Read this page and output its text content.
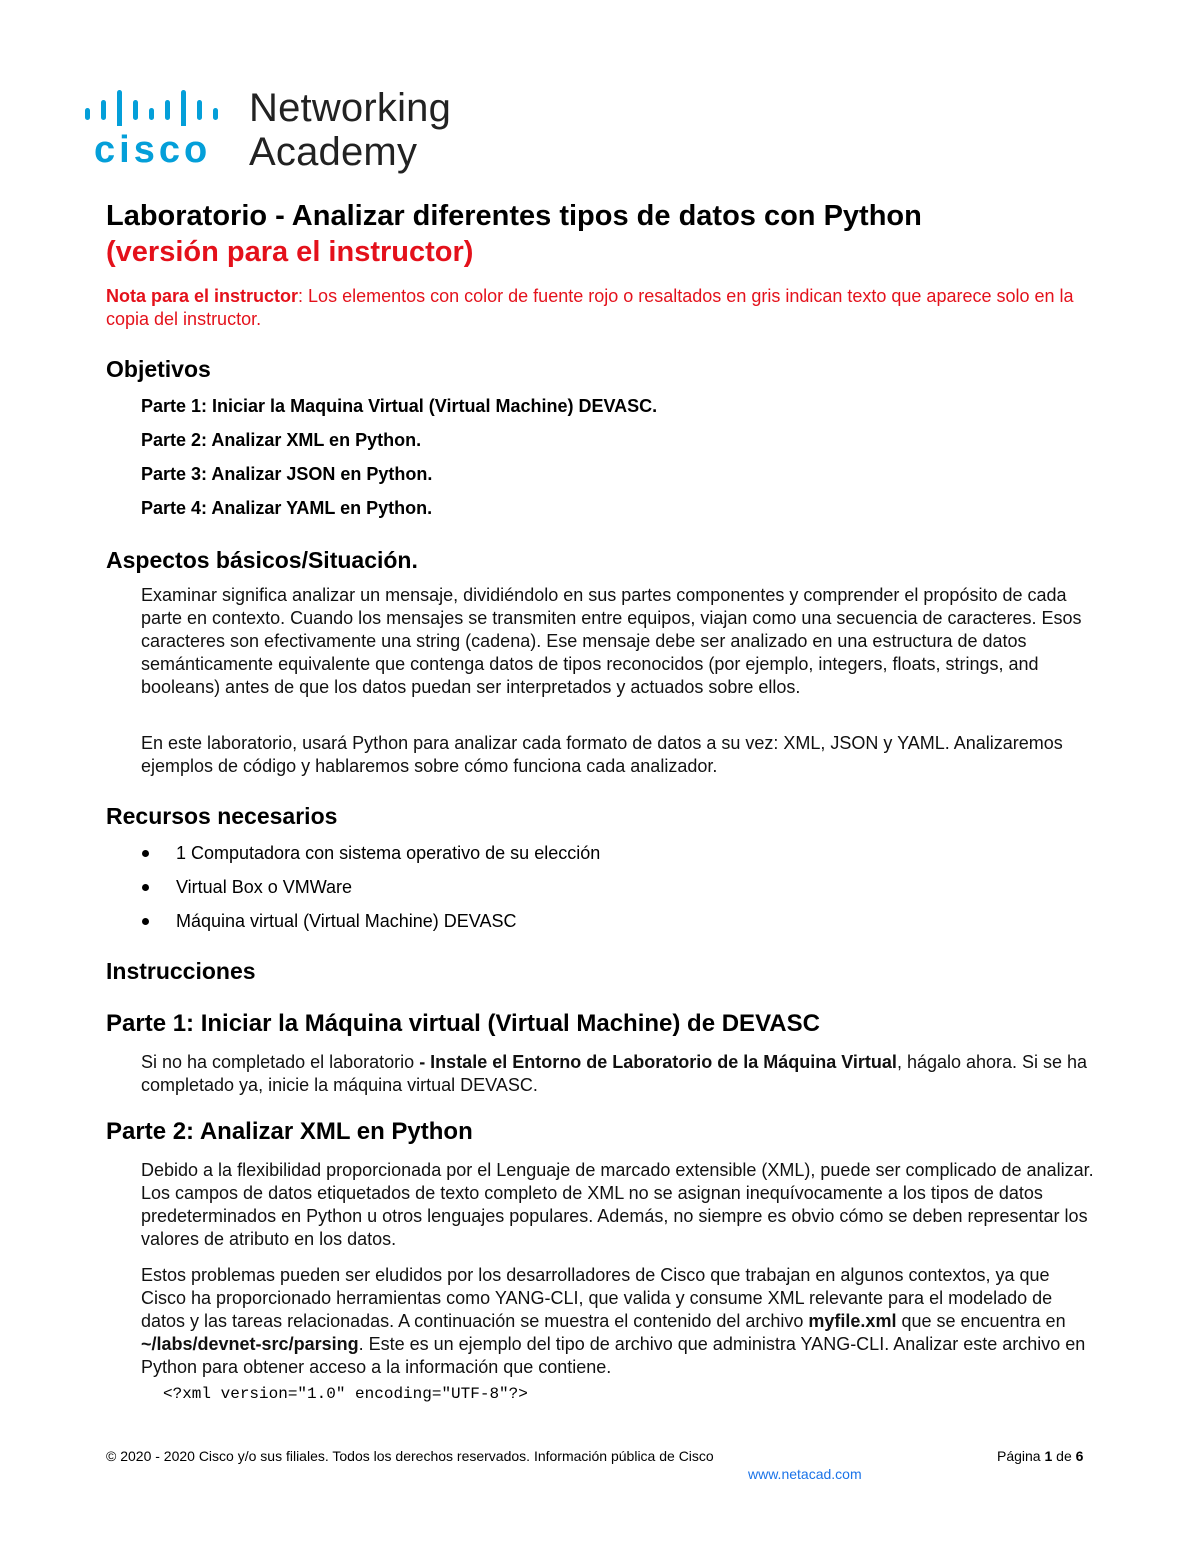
cisco
Networking
Academy
Laboratorio - Analizar diferentes tipos de datos con Python
(versión para el instructor)
Nota para el instructor: Los elementos con color de fuente rojo o resaltados en gris indican texto que aparece solo en la copia del instructor.
Objetivos
Parte 1: Iniciar la Maquina Virtual (Virtual Machine) DEVASC.
Parte 2: Analizar XML en Python.
Parte 3: Analizar JSON en Python.
Parte 4: Analizar YAML en Python.
Aspectos básicos/Situación.
Examinar significa analizar un mensaje, dividiéndolo en sus partes componentes y comprender el propósito de cada parte en contexto. Cuando los mensajes se transmiten entre equipos, viajan como una secuencia de caracteres. Esos caracteres son efectivamente una string (cadena). Ese mensaje debe ser analizado en una estructura de datos semánticamente equivalente que contenga datos de tipos reconocidos (por ejemplo, integers, floats, strings, and booleans) antes de que los datos puedan ser interpretados y actuados sobre ellos.
En este laboratorio, usará Python para analizar cada formato de datos a su vez: XML, JSON y YAML. Analizaremos ejemplos de código y hablaremos sobre cómo funciona cada analizador.
Recursos necesarios
1 Computadora con sistema operativo de su elección
Virtual Box o VMWare
Máquina virtual (Virtual Machine) DEVASC
Instrucciones
Parte 1: Iniciar la Máquina virtual (Virtual Machine) de DEVASC
Si no ha completado el laboratorio - Instale el Entorno de Laboratorio de la Máquina Virtual, hágalo ahora. Si se ha completado ya, inicie la máquina virtual DEVASC.
Parte 2: Analizar XML en Python
Debido a la flexibilidad proporcionada por el Lenguaje de marcado extensible (XML), puede ser complicado de analizar. Los campos de datos etiquetados de texto completo de XML no se asignan inequívocamente a los tipos de datos predeterminados en Python u otros lenguajes populares. Además, no siempre es obvio cómo se deben representar los valores de atributo en los datos.
Estos problemas pueden ser eludidos por los desarrolladores de Cisco que trabajan en algunos contextos, ya que Cisco ha proporcionado herramientas como YANG-CLI, que valida y consume XML relevante para el modelado de datos y las tareas relacionadas. A continuación se muestra el contenido del archivo myfile.xml que se encuentra en ~/labs/devnet-src/parsing. Este es un ejemplo del tipo de archivo que administra YANG-CLI. Analizar este archivo en Python para obtener acceso a la información que contiene.
<?xml version="1.0" encoding="UTF-8"?>
© 2020 - 2020 Cisco y/o sus filiales. Todos los derechos reservados. Información pública de Cisco	Página 1 de 6
www.netacad.com
